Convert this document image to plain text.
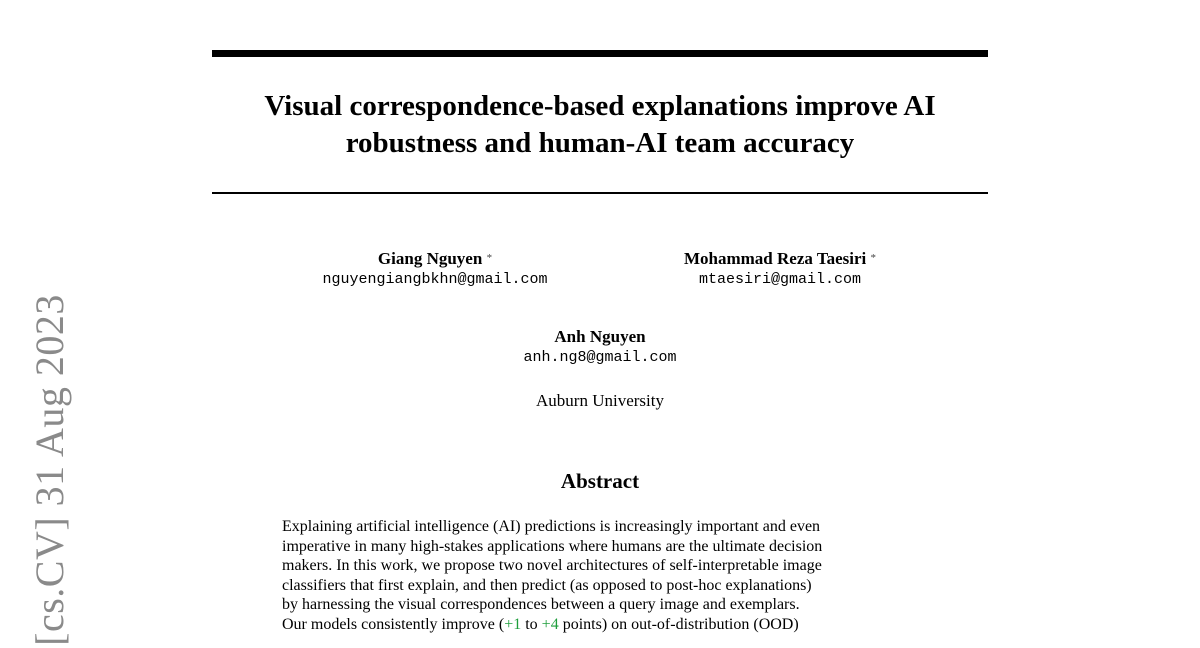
Visual correspondence-based explanations improve AI
robustness and human-AI team accuracy
Giang Nguyen *
nguyengiangbkhn@gmail.com
Mohammad Reza Taesiri *
mtaesiri@gmail.com
Anh Nguyen
anh.ng8@gmail.com
Auburn University
Abstract
Explaining artificial intelligence (AI) predictions is increasingly important and even
imperative in many high-stakes applications where humans are the ultimate decision
makers. In this work, we propose two novel architectures of self-interpretable image
classifiers that first explain, and then predict (as opposed to post-hoc explanations)
by harnessing the visual correspondences between a query image and exemplars.
Our models consistently improve (+1 to +4 points) on out-of-distribution (OOD)
[cs.CV] 31 Aug 2023
